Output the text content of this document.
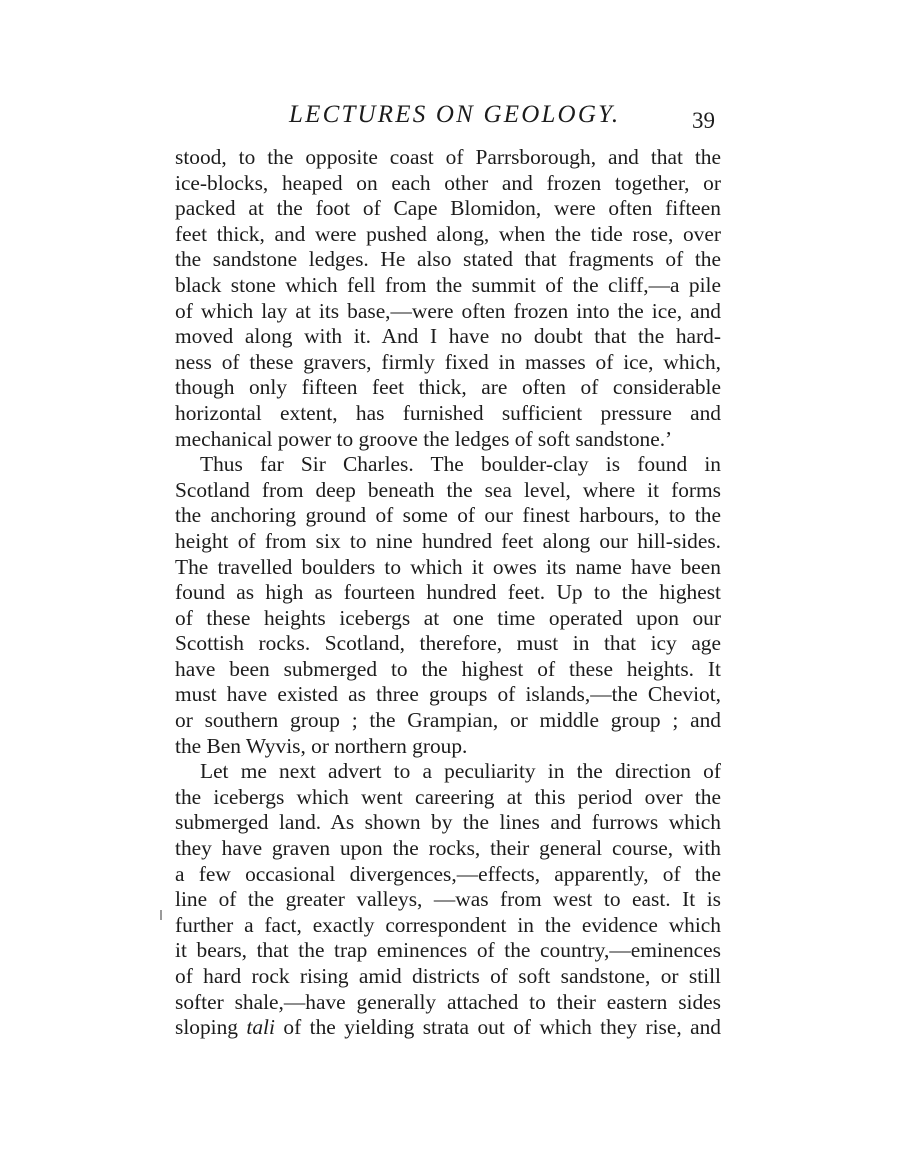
LECTURES ON GEOLOGY.	39
stood, to the opposite coast of Parrsborough, and that the
ice-blocks, heaped on each other and frozen together, or
packed at the foot of Cape Blomidon, were often fifteen
feet thick, and were pushed along, when the tide rose, over
the sandstone ledges. He also stated that fragments of the
black stone which fell from the summit of the cliff,—a pile
of which lay at its base,—were often frozen into the ice, and
moved along with it. And I have no doubt that the hard-
ness of these gravers, firmly fixed in masses of ice, which,
though only fifteen feet thick, are often of considerable
horizontal extent, has furnished sufficient pressure and
mechanical power to groove the ledges of soft sandstone.’
Thus far Sir Charles. The boulder-clay is found in
Scotland from deep beneath the sea level, where it forms
the anchoring ground of some of our finest harbours, to the
height of from six to nine hundred feet along our hill-sides.
The travelled boulders to which it owes its name have been
found as high as fourteen hundred feet. Up to the highest
of these heights icebergs at one time operated upon our
Scottish rocks. Scotland, therefore, must in that icy age
have been submerged to the highest of these heights. It
must have existed as three groups of islands,—the Cheviot,
or southern group ; the Grampian, or middle group ; and
the Ben Wyvis, or northern group.
Let me next advert to a peculiarity in the direction of
the icebergs which went careering at this period over the
submerged land. As shown by the lines and furrows which
they have graven upon the rocks, their general course, with
a few occasional divergences,—effects, apparently, of the
line of the greater valleys, —was from west to east. It is
further a fact, exactly correspondent in the evidence which
it bears, that the trap eminences of the country,—eminences
of hard rock rising amid districts of soft sandstone, or still
softer shale,—have generally attached to their eastern sides
sloping tali of the yielding strata out of which they rise, and
